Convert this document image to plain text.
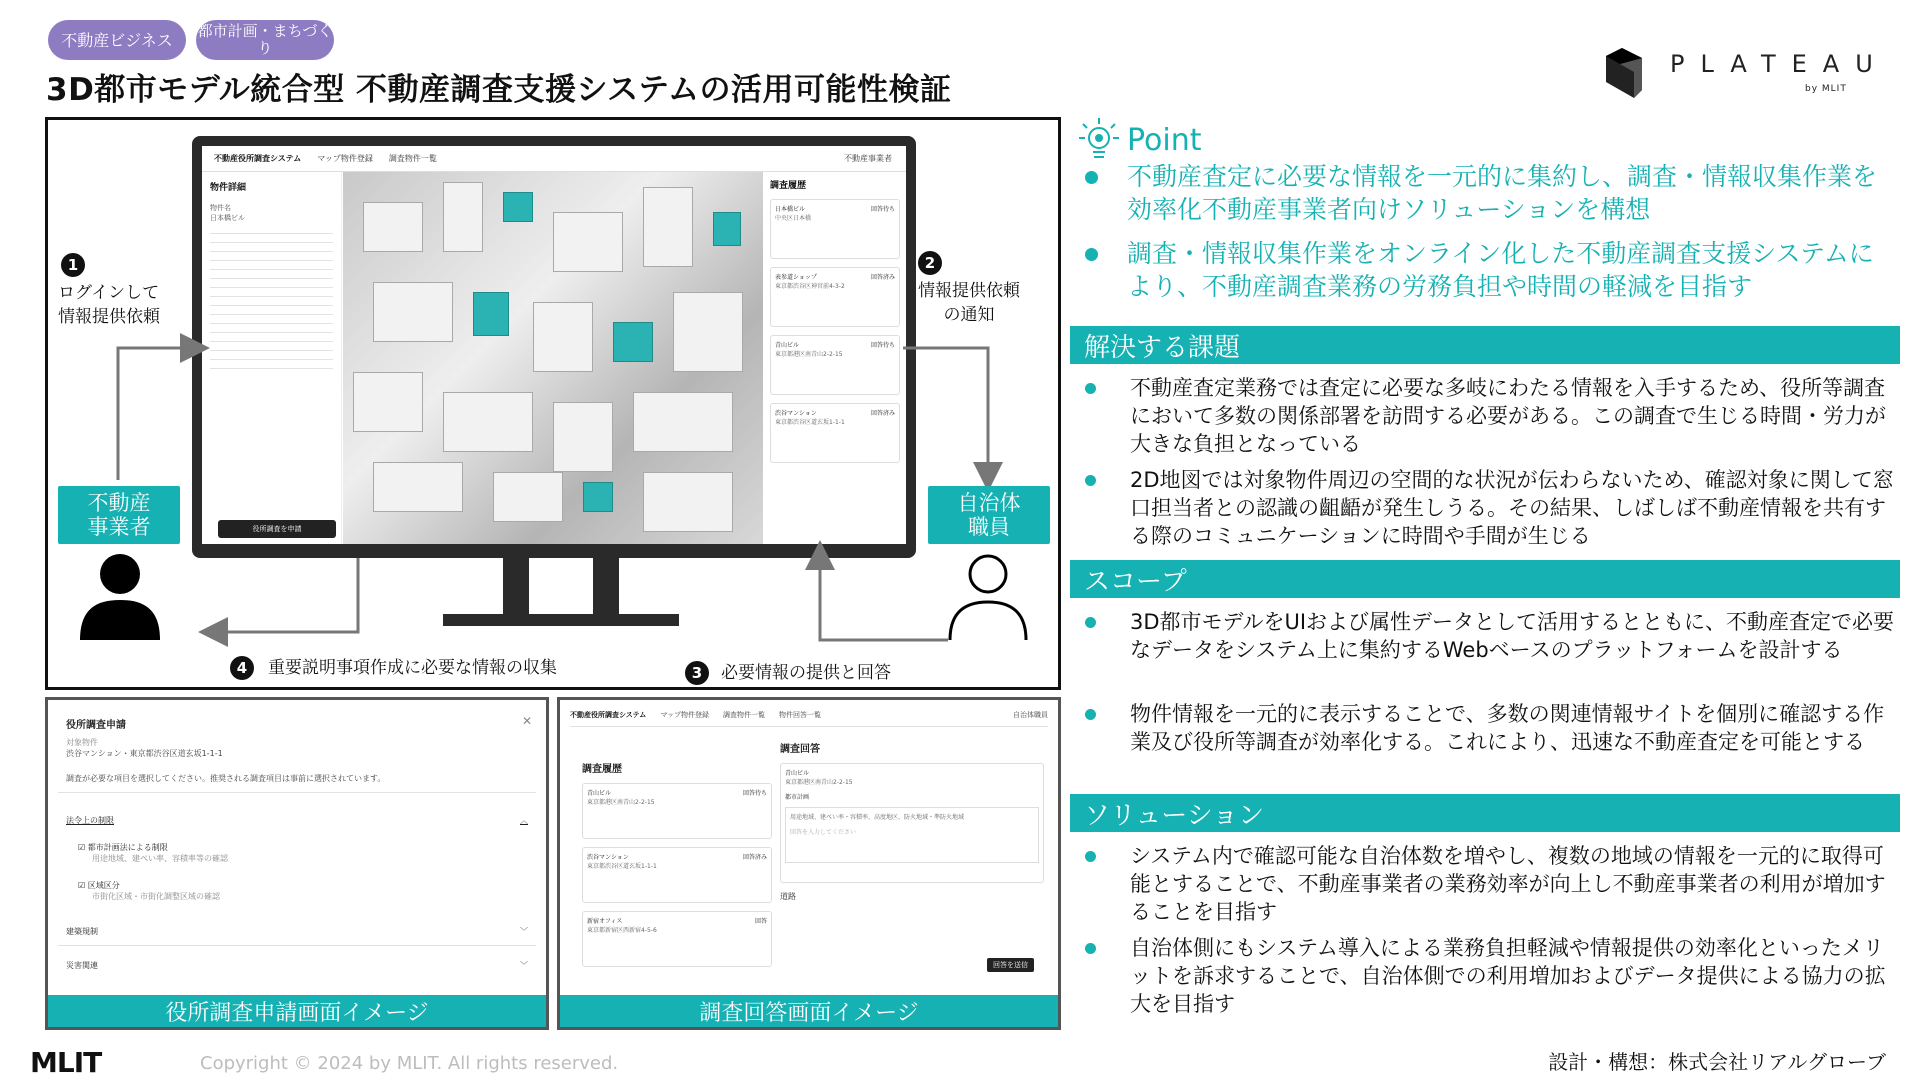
不動産ビジネス	都市計画・まちづくり
3D都市モデル統合型 不動産調査支援システムの活用可能性検証
PLATEAU
by MLIT
不動産役所調査システム マップ物件登録 調査物件一覧	不動産事業者
物件詳細
物件名
日本橋ビル
役所調査を申請
調査履歴
日本橋ビル	回答待ち
中央区日本橋
表参道ショップ	回答済み
東京都渋谷区神宮前4-3-2
青山ビル	回答待ち
東京都港区南青山2-2-15
渋谷マンション	回答済み
東京都渋谷区道玄坂1-1-1
1
ログインして
情報提供依頼
2
情報提供依頼
の通知
3	必要情報の提供と回答
4	重要説明事項作成に必要な情報の収集
不動産
事業者
自治体
職員
✕
役所調査申請
対象物件
渋谷マンション・東京都渋谷区道玄坂1-1-1
調査が必要な項目を選択してください。推奨される調査項目は事前に選択されています。
法令上の制限	︿
☑ 都市計画法による制限
用途地域、建ぺい率、容積率等の確認
☑ 区域区分
市街化区域・市街化調整区域の確認
建築規制	﹀
災害関連	﹀
役所調査申請画面イメージ
不動産役所調査システム マップ物件登録 調査物件一覧 物件回答一覧	自治体職員
調査履歴
青山ビル	回答待ち
東京都港区南青山2-2-15
渋谷マンション	回答済み
東京都渋谷区道玄坂1-1-1
新宿オフィス	回答
東京都新宿区西新宿4-5-6
調査回答
青山ビル
東京都港区南青山2-2-15
都市計画
用途地域、建ぺい率・容積率、高度地区、防火地域・準防火地域
回答を入力してください
道路
回答を送信
調査回答画面イメージ
Point
不動産査定に必要な情報を一元的に集約し、調査・情報収集作業を効率化不動産事業者向けソリューションを構想
調査・情報収集作業をオンライン化した不動産調査支援システムにより、不動産調査業務の労務負担や時間の軽減を目指す
解決する課題
不動産査定業務では査定に必要な多岐にわたる情報を入手するため、役所等調査において多数の関係部署を訪問する必要がある。この調査で生じる時間・労力が大きな負担となっている
2D地図では対象物件周辺の空間的な状況が伝わらないため、確認対象に関して窓口担当者との認識の齟齬が発生しうる。その結果、しばしば不動産情報を共有する際のコミュニケーションに時間や手間が生じる
スコープ
3D都市モデルをUIおよび属性データとして活用するとともに、不動産査定で必要なデータをシステム上に集約するWebベースのプラットフォームを設計する
物件情報を一元的に表示することで、多数の関連情報サイトを個別に確認する作業及び役所等調査が効率化する。これにより、迅速な不動産査定を可能とする
ソリューション
システム内で確認可能な自治体数を増やし、複数の地域の情報を一元的に取得可能とすることで、不動産事業者の業務効率が向上し不動産事業者の利用が増加することを目指す
自治体側にもシステム導入による業務負担軽減や情報提供の効率化といったメリットを訴求することで、自治体側での利用増加およびデータ提供による協力の拡大を目指す
MLIT	Copyright © 2024 by MLIT. All rights reserved.	設計・構想：株式会社リアルグローブ
